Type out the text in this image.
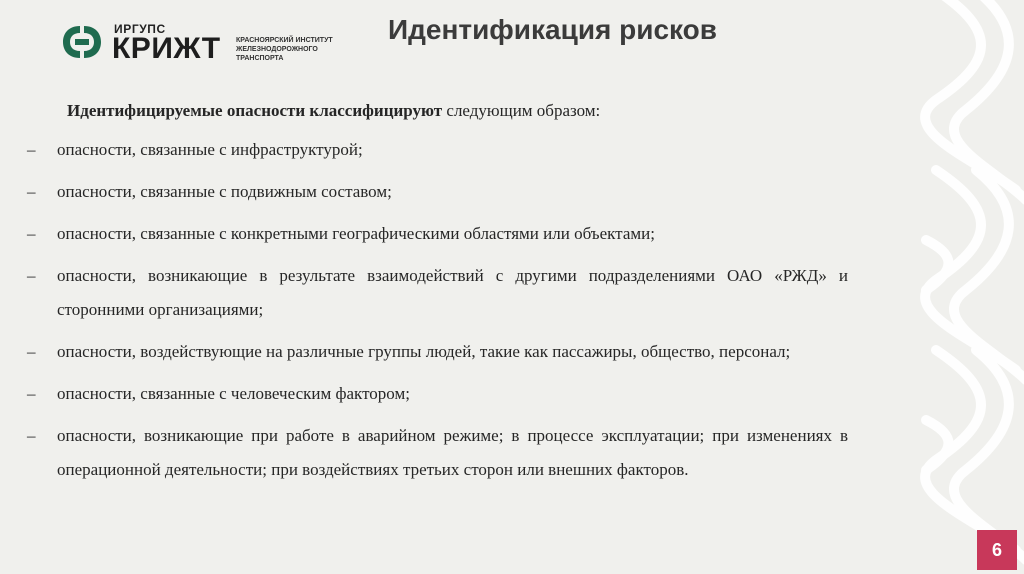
ИРГУПС
КРИЖТ КРАСНОЯРСКИЙ ИНСТИТУТ ЖЕЛЕЗНОДОРОЖНОГО ТРАНСПОРТА
Идентификация рисков

Идентифицируемые опасности классифицируют следующим образом:

– опасности, связанные с инфраструктурой;
– опасности, связанные с подвижным составом;
– опасности, связанные с конкретными географическими областями или объектами;
– опасности, возникающие в результате взаимодействий с другими подразделениями ОАО «РЖД» и сторонними организациями;
– опасности, воздействующие на различные группы людей, такие как пассажиры, общество, персонал;
– опасности, связанные с человеческим фактором;
– опасности, возникающие при работе в аварийном режиме; в процессе эксплуатации; при изменениях в операционной деятельности; при воздействиях третьих сторон или внешних факторов.
6
